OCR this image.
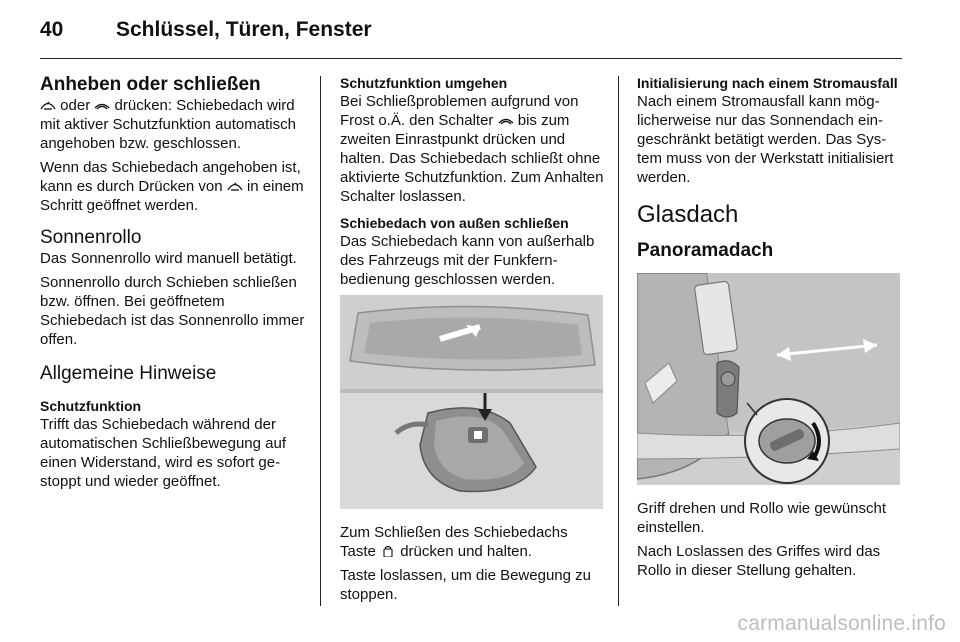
40	Schlüssel, Türen, Fenster
Anheben oder schließen

oder  drücken: Schiebedach wird mit aktiver Schutzfunktion automatisch angehoben bzw. geschlossen.

Wenn das Schiebedach angehoben ist, kann es durch Drücken von  in einem Schritt geöffnet werden.

Sonnenrollo

Das Sonnenrollo wird manuell betätigt.

Sonnenrollo durch Schieben schließen bzw. öffnen. Bei geöffnetem Schiebedach ist das Sonnenrollo immer offen.

Allgemeine Hinweise
Schutzfunktion

Trifft das Schiebedach während der automatischen Schließbewegung auf einen Widerstand, wird es sofort gestoppt und wieder geöffnet.

Schutzfunktion umgehen

Bei Schließproblemen aufgrund von Frost o.Ä. den Schalter  bis zum zweiten Einrastpunkt drücken und halten. Das Schiebedach schließt ohne aktivierte Schutzfunktion. Zum Anhalten Schalter loslassen.

Schiebedach von außen schließen

Das Schiebedach kann von außerhalb des Fahrzeugs mit der Funkfernbedienung geschlossen werden.

Zum Schließen des Schiebedachs Taste  drücken und halten.

Taste loslassen, um die Bewegung zu stoppen.

Initialisierung nach einem Stromausfall

Nach einem Stromausfall kann möglicherweise nur das Sonnendach eingeschränkt betätigt werden. Das System muss von der Werkstatt initialisiert werden.

Glasdach
Panoramadach

Griff drehen und Rollo wie gewünscht einstellen.

Nach Loslassen des Griffes wird das Rollo in dieser Stellung gehalten.

carmanualsonline.info
